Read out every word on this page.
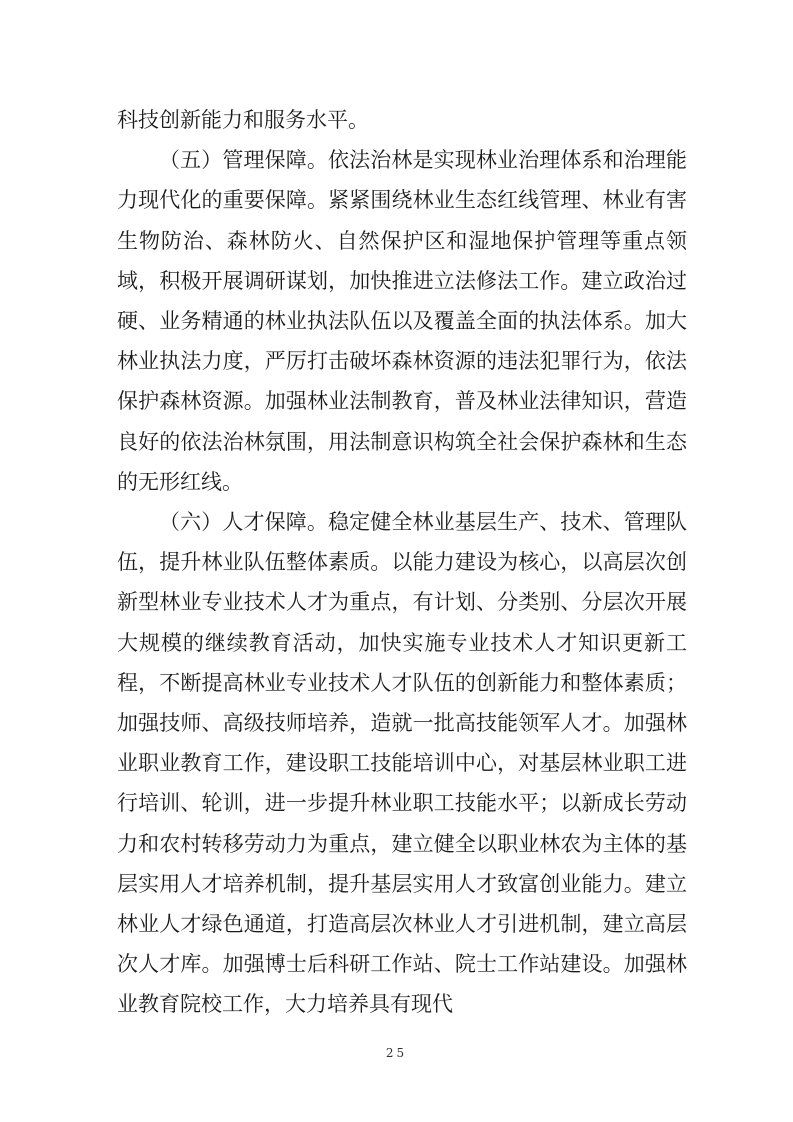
科技创新能力和服务水平。

（五）管理保障。依法治林是实现林业治理体系和治理能力现代化的重要保障。紧紧围绕林业生态红线管理、林业有害生物防治、森林防火、自然保护区和湿地保护管理等重点领域，积极开展调研谋划，加快推进立法修法工作。建立政治过硬、业务精通的林业执法队伍以及覆盖全面的执法体系。加大林业执法力度，严厉打击破坏森林资源的违法犯罪行为，依法保护森林资源。加强林业法制教育，普及林业法律知识，营造良好的依法治林氛围，用法制意识构筑全社会保护森林和生态的无形红线。

（六）人才保障。稳定健全林业基层生产、技术、管理队伍，提升林业队伍整体素质。以能力建设为核心，以高层次创新型林业专业技术人才为重点，有计划、分类别、分层次开展大规模的继续教育活动，加快实施专业技术人才知识更新工程，不断提高林业专业技术人才队伍的创新能力和整体素质；加强技师、高级技师培养，造就一批高技能领军人才。加强林业职业教育工作，建设职工技能培训中心，对基层林业职工进行培训、轮训，进一步提升林业职工技能水平；以新成长劳动力和农村转移劳动力为重点，建立健全以职业林农为主体的基层实用人才培养机制，提升基层实用人才致富创业能力。建立林业人才绿色通道，打造高层次林业人才引进机制，建立高层次人才库。加强博士后科研工作站、院士工作站建设。加强林业教育院校工作，大力培养具有现代

25
